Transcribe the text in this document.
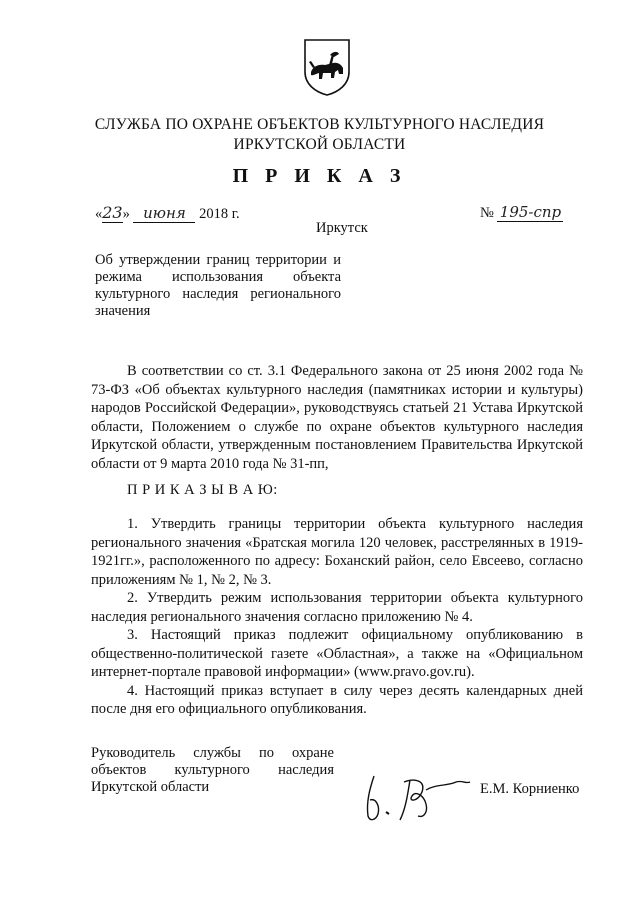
СЛУЖБА ПО ОХРАНЕ ОБЪЕКТОВ КУЛЬТУРНОГО НАСЛЕДИЯ
ИРКУТСКОЙ ОБЛАСТИ
П Р И К А З
«23» июня 2018 г.	№ 195-спр
Иркутск
Об утверждении границ территории и режима использования объекта культурного наследия регионального значения
В соответствии со ст. 3.1 Федерального закона от 25 июня 2002 года № 73-ФЗ «Об объектах культурного наследия (памятниках истории и культуры) народов Российской Федерации», руководствуясь статьей 21 Устава Иркутской области, Положением о службе по охране объектов культурного наследия Иркутской области, утвержденным постановлением Правительства Иркутской области от 9 марта 2010 года № 31-пп,
П Р И К А З Ы В А Ю:
1. Утвердить границы территории объекта культурного наследия регионального значения «Братская могила 120 человек, расстрелянных в 1919-1921гг.», расположенного по адресу: Боханский район, село Евсеево, согласно приложениям № 1, № 2, № 3.
2. Утвердить режим использования территории объекта культурного наследия регионального значения согласно приложению № 4.
3. Настоящий приказ подлежит официальному опубликованию в общественно-политической газете «Областная», а также на «Официальном интернет-портале правовой информации» (www.pravo.gov.ru).
4. Настоящий приказ вступает в силу через десять календарных дней после дня его официального опубликования.
Руководитель службы по охране объектов культурного наследия Иркутской области	Е.М. Корниенко
